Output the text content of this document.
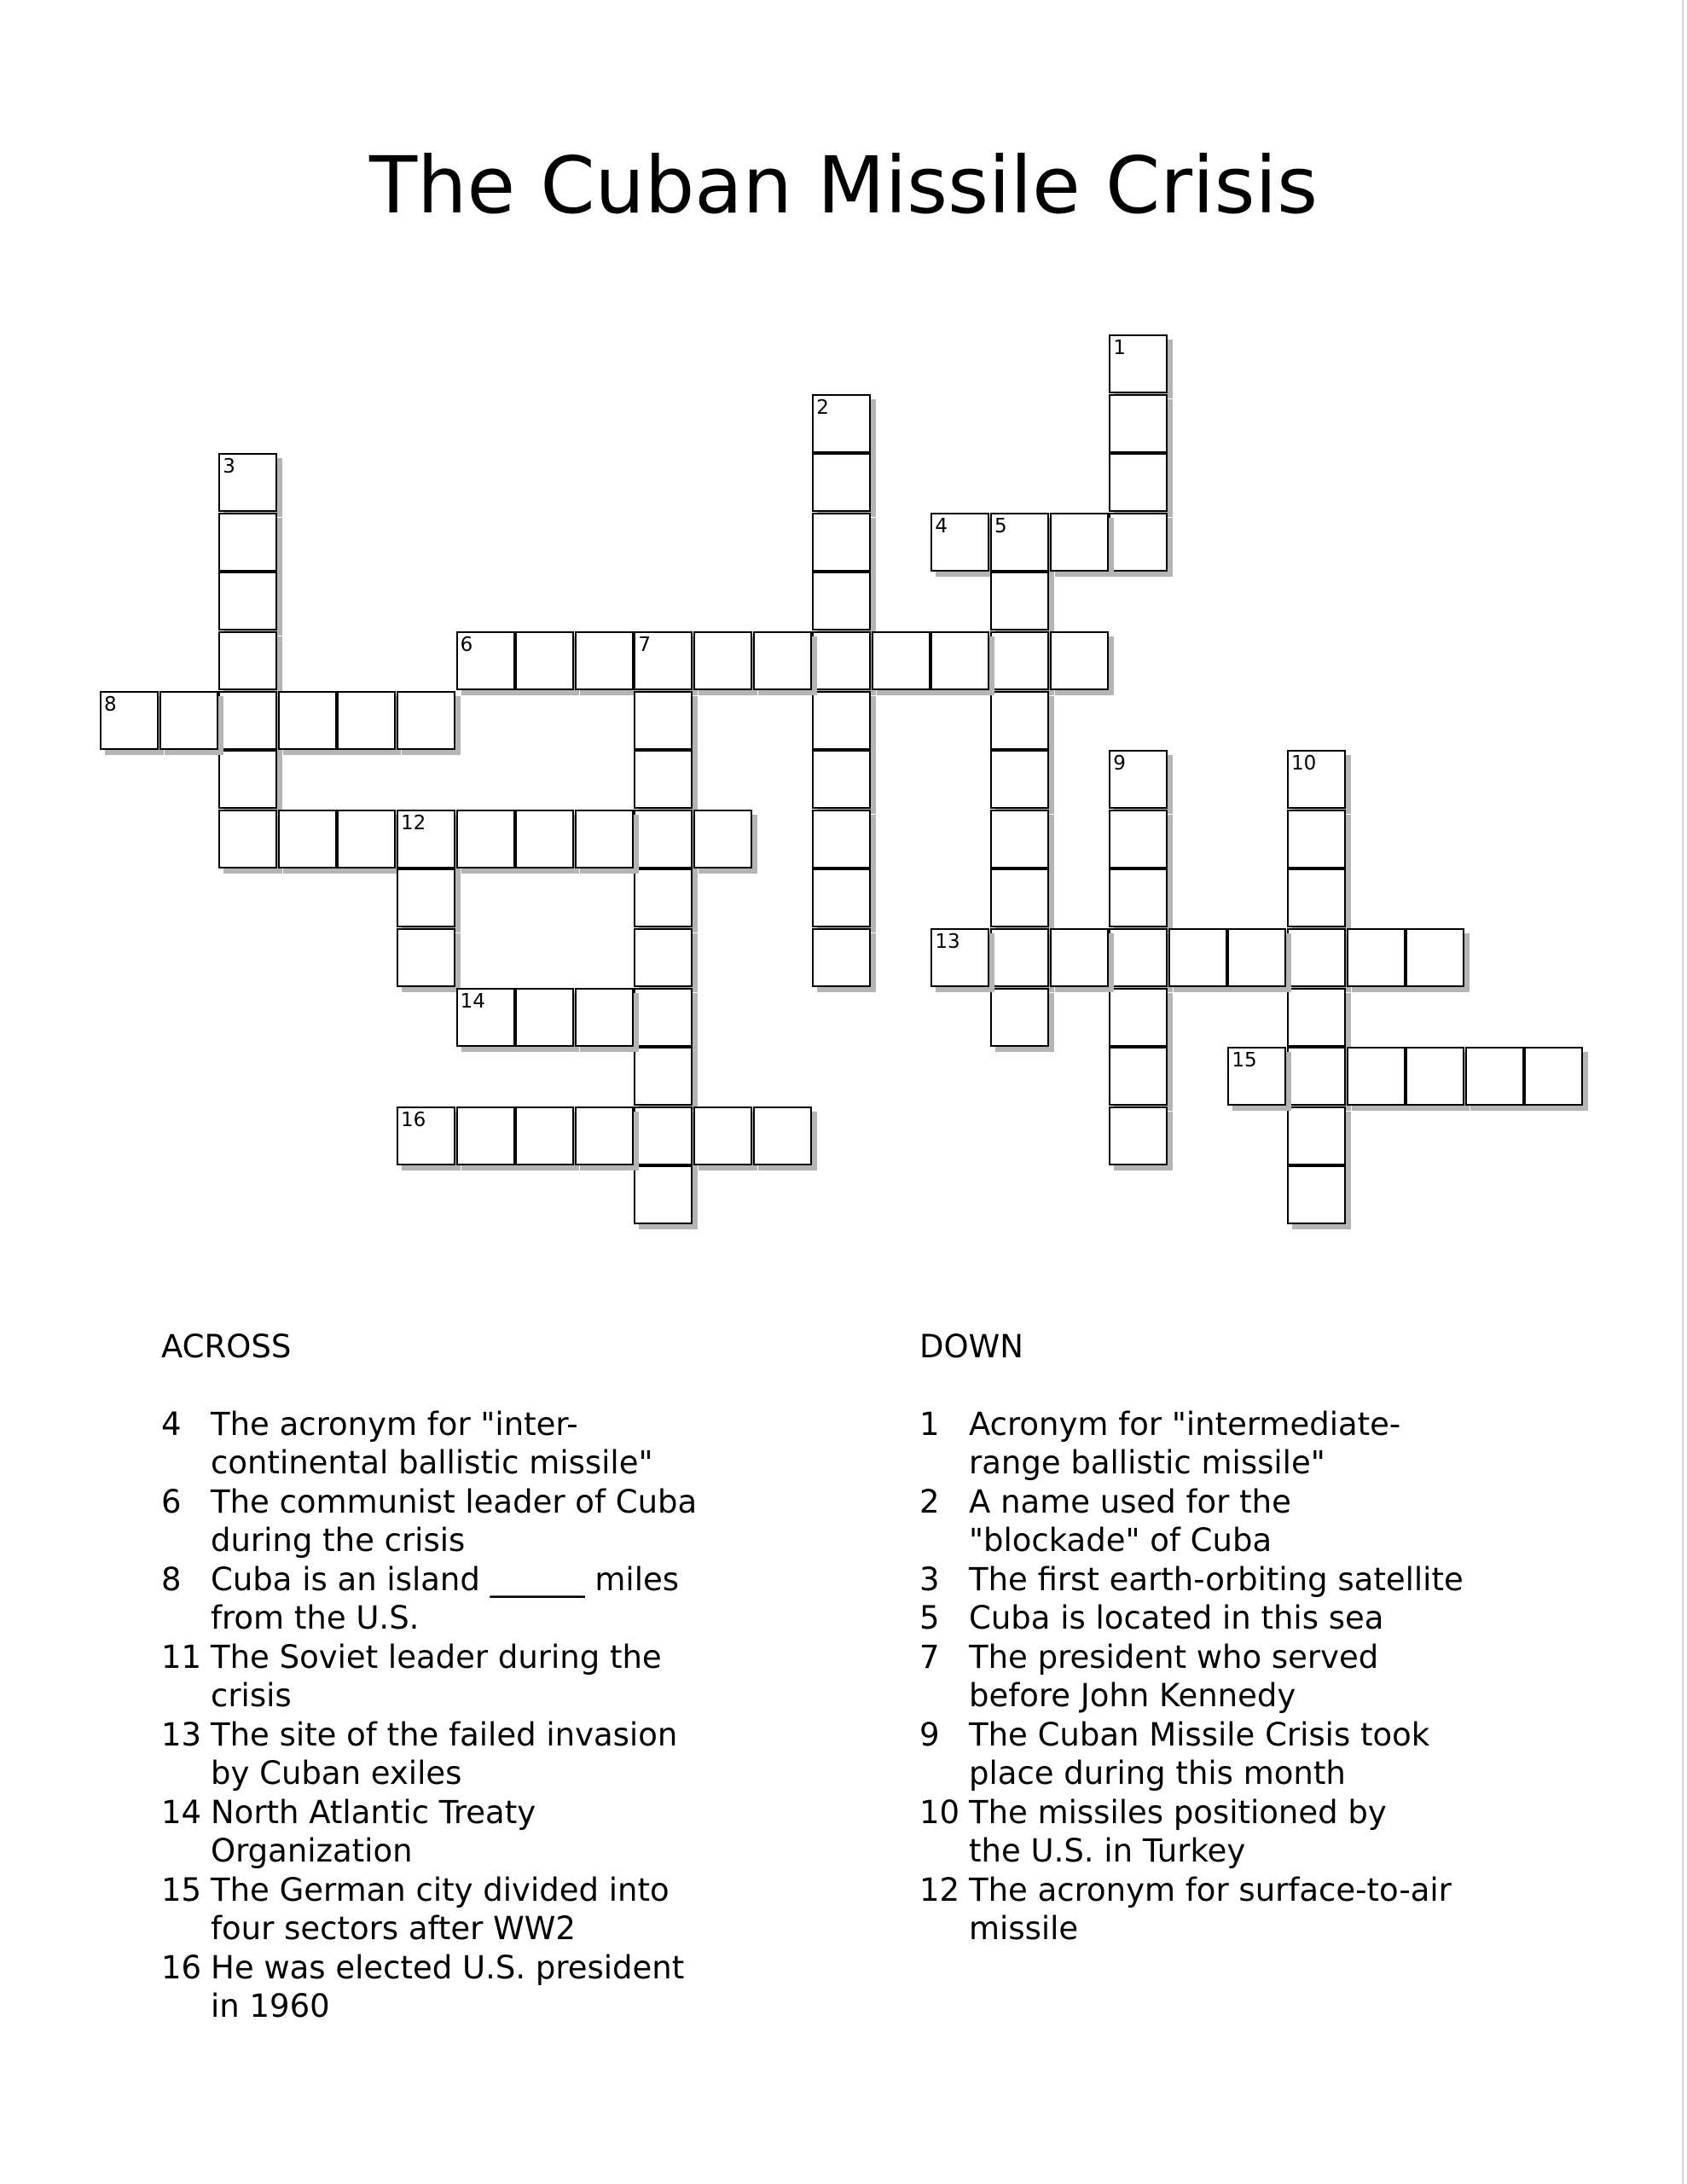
The Cuban Missile Crisis
1
2
3
4 5
6	7
8
9	10
12
13
14
15
16
ACROSS
4 The acronym for "inter-
continental ballistic missile"
6 The communist leader of Cuba
during the crisis
8 Cuba is an island ______ miles
from the U.S.
11 The Soviet leader during the
crisis
13 The site of the failed invasion
by Cuban exiles
14 North Atlantic Treaty
Organization
15 The German city divided into
four sectors after WW2
16 He was elected U.S. president
in 1960
DOWN
1 Acronym for "intermediate-
range ballistic missile"
2 A name used for the
"blockade" of Cuba
3 The first earth-orbiting satellite
5 Cuba is located in this sea
7 The president who served
before John Kennedy
9 The Cuban Missile Crisis took
place during this month
10 The missiles positioned by
the U.S. in Turkey
12 The acronym for surface-to-air
missile
